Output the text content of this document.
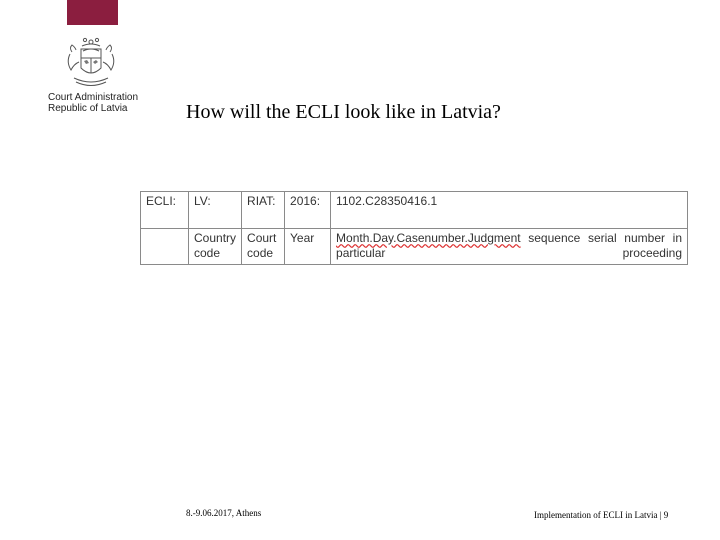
Court Administration
Republic of Latvia	How will the ECLI look like in Latvia?
ECLI:	LV:	RIAT:	2016:	1102.C28350416.1
	Country code	Court code	Year	Month.Day.Casenumber.Judgment sequence serial number in particular proceeding
8.-9.06.2017, Athens	Implementation of ECLI in Latvia | 9
